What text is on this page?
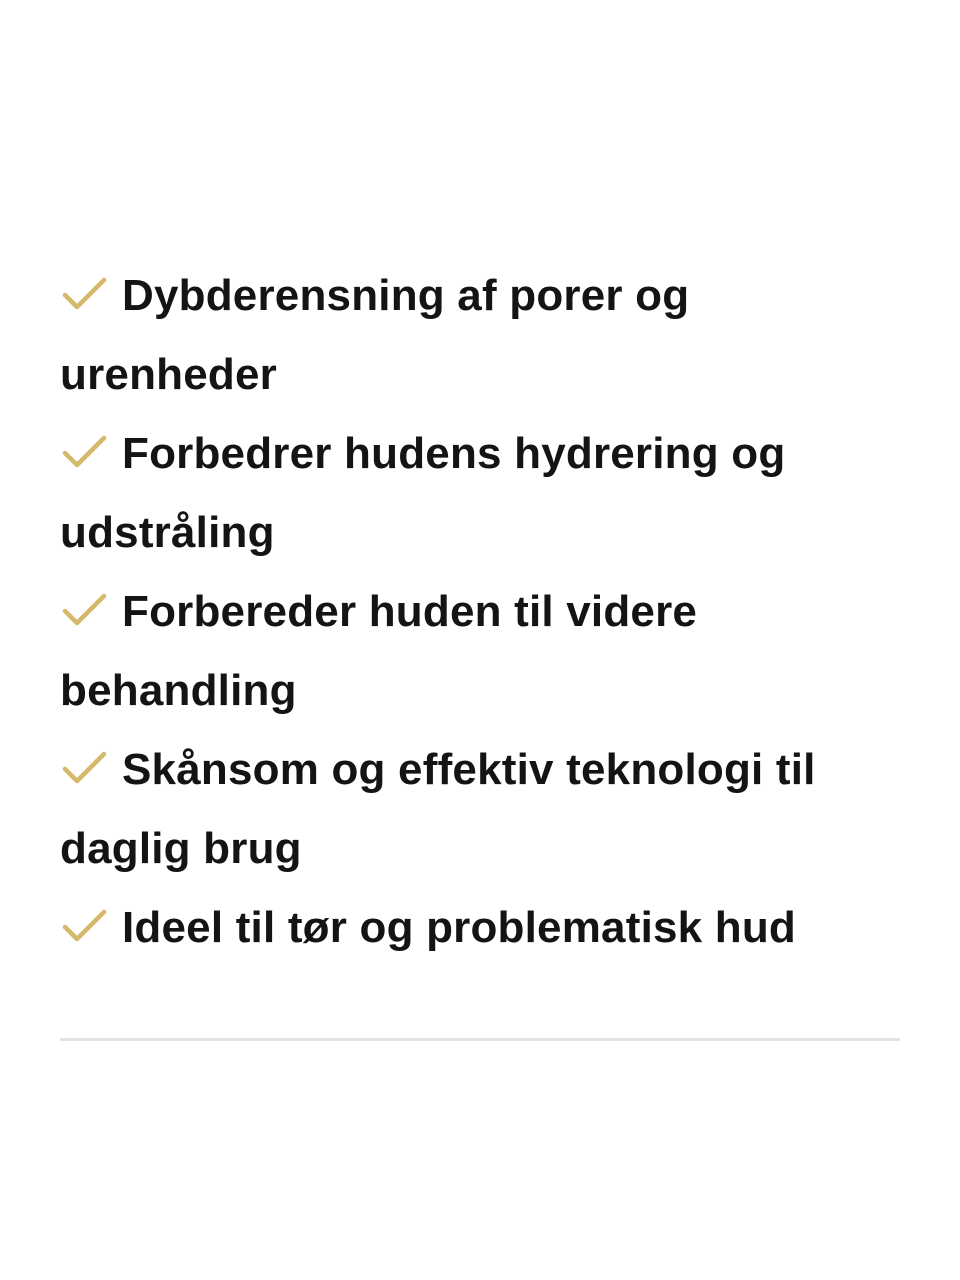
Dybderensning af porer og urenheder
Forbedrer hudens hydrering og udstråling
Forbereder huden til videre behandling
Skånsom og effektiv teknologi til daglig brug
Ideel til tør og problematisk hud
